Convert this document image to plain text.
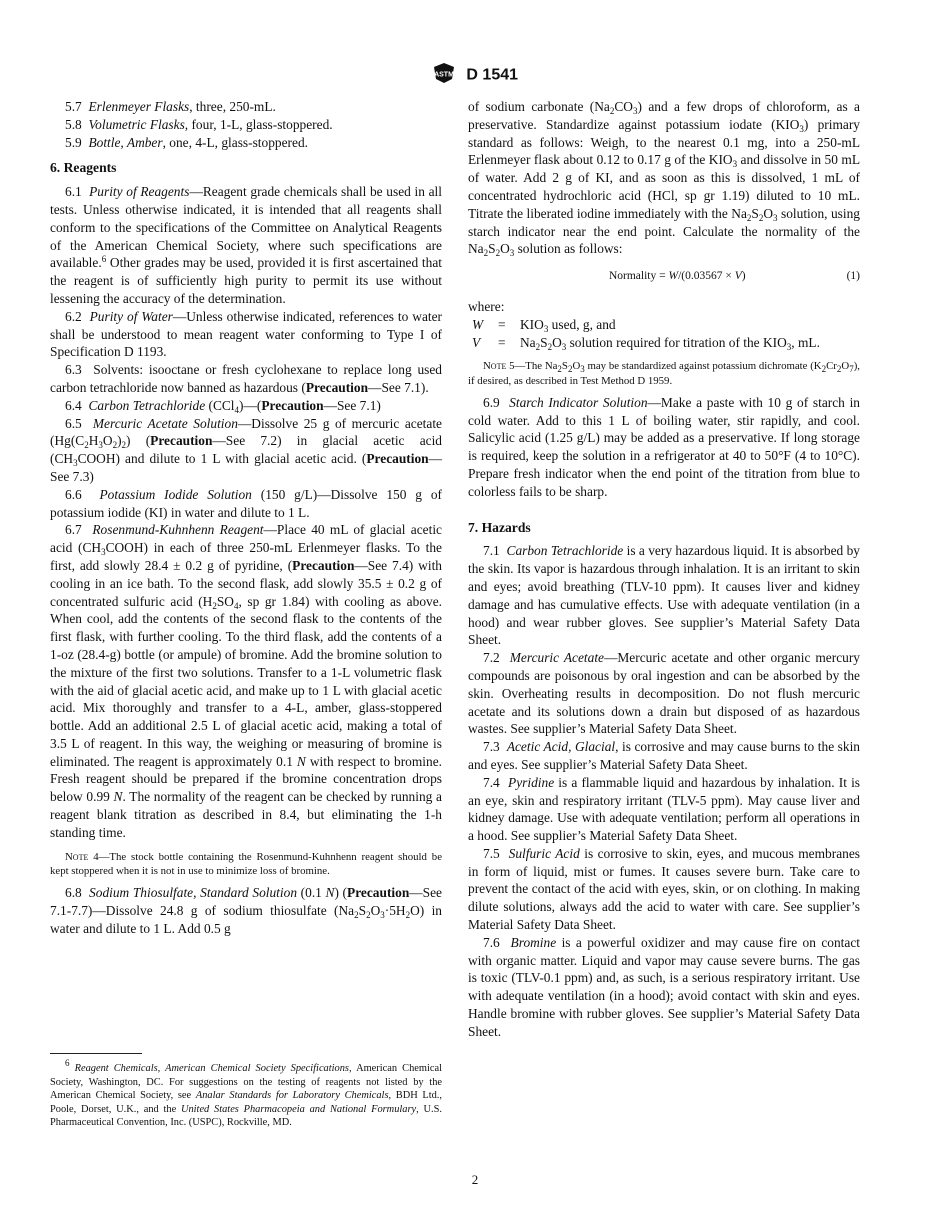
ASTM D 1541

5.7 Erlenmeyer Flasks, three, 250-mL.

5.8 Volumetric Flasks, four, 1-L, glass-stoppered.

5.9 Bottle, Amber, one, 4-L, glass-stoppered.

6. Reagents

6.1 Purity of Reagents—Reagent grade chemicals shall be used in all tests. Unless otherwise indicated, it is intended that all reagents shall conform to the specifications of the Committee on Analytical Reagents of the American Chemical Society, where such specifications are available.$^6$ Other grades may be used, provided it is first ascertained that the reagent is of sufficiently high purity to permit its use without lessening the accuracy of the determination.

6.2 Purity of Water—Unless otherwise indicated, references to water shall be understood to mean reagent water conforming to Type I of Specification D 1193.

6.3 Solvents: isooctane or fresh cyclohexane to replace long used carbon tetrachloride now banned as hazardous (Precaution—See 7.1).

6.4 Carbon Tetrachloride (CCl$_4$)—(Precaution—See 7.1)

6.5 Mercuric Acetate Solution—Dissolve 25 g of mercuric acetate $(Hg(C_2H_3O_2)_2)$ (Precaution—See 7.2) in glacial acetic acid $(CH_3COOH)$ and dilute to 1 L with glacial acetic acid. (Precaution—See 7.3)

6.6 Potassium Iodide Solution (150 g/L)—Dissolve 150 g of potassium iodide (KI) in water and dilute to 1 L.

6.7 Rosenmund-Kuhnhenn Reagent—Place 40 mL of glacial acetic acid $(CH_3COOH)$ in each of three 250-mL Erlenmeyer flasks. To the first, add slowly 28.4 ± 0.2 g of pyridine, (Precaution—See 7.4) with cooling in an ice bath. To the second flask, add slowly 35.5 ± 0.2 g of concentrated sulfuric acid ($H_2SO_4$, sp gr 1.84) with cooling as above. When cool, add the contents of the second flask to the contents of the first flask, with further cooling. To the third flask, add the contents of a 1-oz (28.4-g) bottle (or ampule) of bromine. Add the bromine solution to the mixture of the first two solutions. Transfer to a 1-L volumetric flask with the aid of glacial acetic acid, and make up to 1 L with glacial acetic acid. Mix thoroughly and transfer to a 4-L, amber, glass-stoppered bottle. Add an additional 2.5 L of glacial acetic acid, making a total of 3.5 L of reagent. In this way, the weighing or measuring of bromine is eliminated. The reagent is approximately 0.1 N with respect to bromine. Fresh reagent should be prepared if the bromine concentration drops below 0.99 N. The normality of the reagent can be checked by running a reagent blank titration as described in 8.4, but eliminating the 1-h standing time.

Note 4—The stock bottle containing the Rosenmund-Kuhnhenn reagent should be kept stoppered when it is not in use to minimize loss of bromine.

6.8 Sodium Thiosulfate, Standard Solution (0.1 N) (Precaution—See 7.1-7.7)—Dissolve 24.8 g of sodium thiosulfate $(Na_2S_2O_3\cdot 5H_2O)$ in water and dilute to 1 L. Add 0.5 g

$^6$ Reagent Chemicals, American Chemical Society Specifications, American Chemical Society, Washington, DC. For suggestions on the testing of reagents not listed by the American Chemical Society, see Analar Standards for Laboratory Chemicals, BDH Ltd., Poole, Dorset, U.K., and the United States Pharmacopeia and National Formulary, U.S. Pharmaceutical Convention, Inc. (USPC), Rockville, MD.

of sodium carbonate $(Na_2CO_3)$ and a few drops of chloroform, as a preservative. Standardize against potassium iodate $(KIO_3)$ primary standard as follows: Weigh, to the nearest 0.1 mg, into a 250-mL Erlenmeyer flask about 0.12 to 0.17 g of the $KIO_3$ and dissolve in 50 mL of water. Add 2 g of KI, and as soon as this is dissolved, 1 mL of concentrated hydrochloric acid (HCl, sp gr 1.19) diluted to 10 mL. Titrate the liberated iodine immediately with the $Na_2S_2O_3$ solution, using starch indicator near the end point. Calculate the normality of the $Na_2S_2O_3$ solution as follows:

Normality = W/(0.03567 × V)	(1)

where:

W	=	$KIO_3$ used, g, and
V	=	$Na_2S_2O_3$ solution required for titration of the $KIO_3$, mL.

Note 5—The $Na_2S_2O_3$ may be standardized against potassium dichromate $(K_2Cr_2O_7)$, if desired, as described in Test Method D 1959.

6.9 Starch Indicator Solution—Make a paste with 10 g of starch in cold water. Add to this 1 L of boiling water, stir rapidly, and cool. Salicylic acid (1.25 g/L) may be added as a preservative. If long storage is required, keep the solution in a refrigerator at 40 to 50°F (4 to 10°C). Prepare fresh indicator when the end point of the titration from blue to colorless fails to be sharp.

7. Hazards

7.1 Carbon Tetrachloride is a very hazardous liquid. It is absorbed by the skin. Its vapor is hazardous through inhalation. It is an irritant to skin and eyes; avoid breathing (TLV-10 ppm). It causes liver and kidney damage and has cumulative effects. Use with adequate ventilation (in a hood) and wear rubber gloves. See supplier’s Material Safety Data Sheet.

7.2 Mercuric Acetate—Mercuric acetate and other organic mercury compounds are poisonous by oral ingestion and can be absorbed by the skin. Overheating results in decomposition. Do not flush mercuric acetate and its solutions down a drain but disposed of as hazardous wastes. See supplier’s Material Safety Data Sheet.

7.3 Acetic Acid, Glacial, is corrosive and may cause burns to the skin and eyes. See supplier’s Material Safety Data Sheet.

7.4 Pyridine is a flammable liquid and hazardous by inhalation. It is an eye, skin and respiratory irritant (TLV-5 ppm). May cause liver and kidney damage. Use with adequate ventilation; perform all operations in a hood. See supplier’s Material Safety Data Sheet.

7.5 Sulfuric Acid is corrosive to skin, eyes, and mucous membranes in form of liquid, mist or fumes. It causes severe burn. Take care to prevent the contact of the acid with eyes, skin, or on clothing. In making dilute solutions, always add the acid to water with care. See supplier’s Material Safety Data Sheet.

7.6 Bromine is a powerful oxidizer and may cause fire on contact with organic matter. Liquid and vapor may cause severe burns. The gas is toxic (TLV-0.1 ppm) and, as such, is a serious respiratory irritant. Use with adequate ventilation (in a hood); avoid contact with skin and eyes. Handle bromine with rubber gloves. See supplier’s Material Safety Data Sheet.

2
